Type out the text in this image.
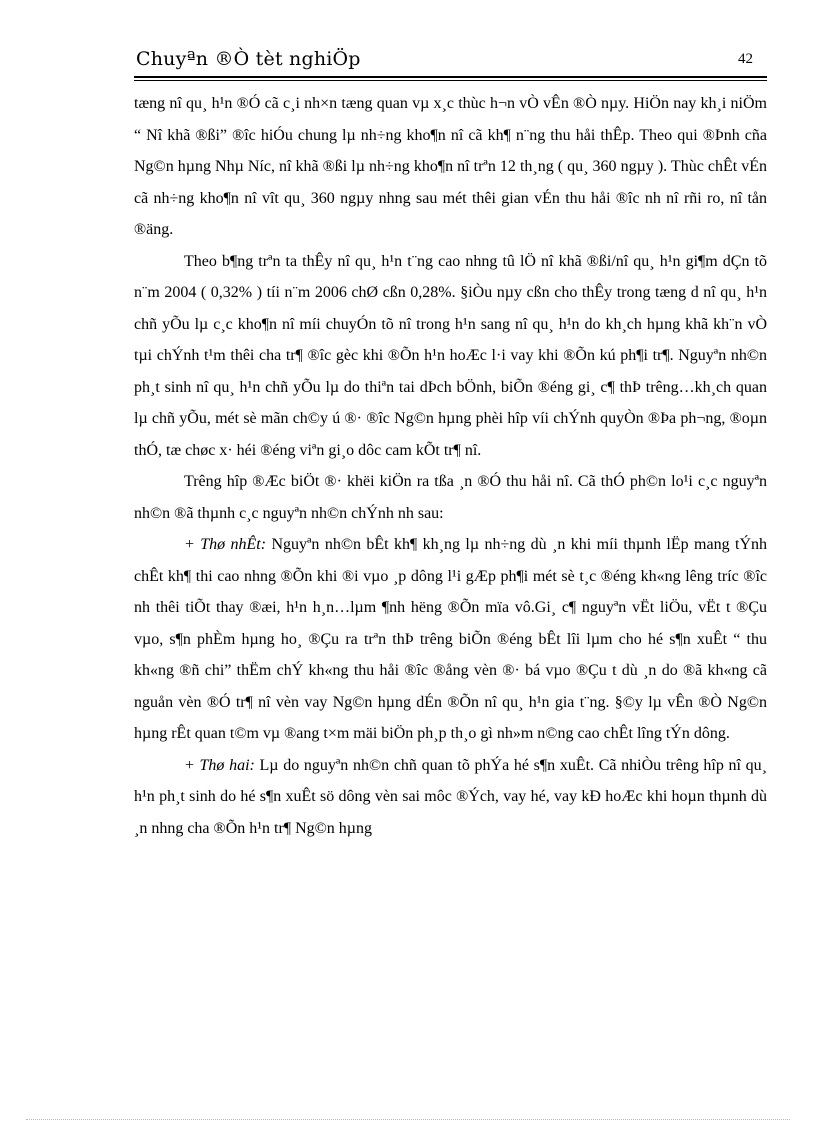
Chuyªn ®Ò tèt nghiÖp	42

tæng nî qu¸ h¹n ®Ó cã c¸i nh×n tæng quan vµ x¸c thùc h¬n vÒ vÊn ®Ò nµy. HiÖn nay kh¸i niÖm “ Nî khã ®ßi” ®îc hiÓu chung lµ nh÷ng kho¶n nî cã kh¶ n¨ng thu håi thÊp. Theo qui ®Þnh cña Ng©n hµng Nhµ Níc, nî khã ®ßi lµ nh÷ng kho¶n nî trªn 12 th¸ng ( qu¸ 360 ngµy ). Thùc chÊt vÉn cã nh÷ng kho¶n nî vît qu¸ 360 ngµy nhng sau mét thêi gian vÉn thu håi ®îc nh nî rñi ro, nî tån ®äng.

Theo b¶ng trªn ta thÊy nî qu¸ h¹n t¨ng cao nhng tû lÖ nî khã ®ßi/nî qu¸ h¹n gi¶m dÇn tõ n¨m 2004 ( 0,32% ) tíi n¨m 2006 chØ cßn 0,28%. §iÒu nµy cßn cho thÊy trong tæng d nî qu¸ h¹n chñ yÕu lµ c¸c kho¶n nî míi chuyÓn tõ nî trong h¹n sang nî qu¸ h¹n do kh¸ch hµng khã kh¨n vÒ tµi chÝnh t¹m thêi cha tr¶ ®îc gèc khi ®Õn h¹n hoÆc l·i vay khi ®Õn kú ph¶i tr¶. Nguyªn nh©n ph¸t sinh nî qu¸ h¹n chñ yÕu lµ do thiªn tai dÞch bÖnh, biÕn ®éng gi¸ c¶ thÞ trêng…kh¸ch quan lµ chñ yÕu, mét sè mãn ch©y ú ®· ®îc Ng©n hµng phèi hîp víi chÝnh quyÒn ®Þa ph¬ng, ®oµn thÓ, tæ chøc x· héi ®éng viªn gi¸o dôc cam kÕt tr¶ nî.

Trêng hîp ®Æc biÖt ®· khëi kiÖn ra tßa ¸n ®Ó thu håi nî. Cã thÓ ph©n lo¹i c¸c nguyªn nh©n ®ã thµnh c¸c nguyªn nh©n chÝnh nh sau:

+ Thø nhÊt: Nguyªn nh©n bÊt kh¶ kh¸ng lµ nh÷ng dù ¸n khi míi thµnh lËp mang tÝnh chÊt kh¶ thi cao nhng ®Õn khi ®i vµo ¸p dông l¹i gÆp ph¶i mét sè t¸c ®éng kh«ng lêng tríc ®îc nh thêi tiÕt thay ®æi, h¹n h¸n…lµm ¶nh hëng ®Õn mïa vô.Gi¸ c¶ nguyªn vËt liÖu, vËt t ®Çu vµo, s¶n phÈm hµng ho¸ ®Çu ra trªn thÞ trêng biÕn ®éng bÊt lîi lµm cho hé s¶n xuÊt “ thu kh«ng ®ñ chi” thËm chÝ kh«ng thu håi ®îc ®ång vèn ®· bá vµo ®Çu t dù ¸n do ®ã kh«ng cã nguån vèn ®Ó tr¶ nî vèn vay Ng©n hµng dÉn ®Õn nî qu¸ h¹n gia t¨ng. §©y lµ vÊn ®Ò Ng©n hµng rÊt quan t©m vµ ®ang t×m mäi biÖn ph¸p th¸o gì nh»m n©ng cao chÊt lîng tÝn dông.

+ Thø hai: Lµ do nguyªn nh©n chñ quan tõ phÝa hé s¶n xuÊt. Cã nhiÒu trêng hîp nî qu¸ h¹n ph¸t sinh do hé s¶n xuÊt sö dông vèn sai môc ®Ých, vay hé, vay kÐ hoÆc khi hoµn thµnh dù ¸n nhng cha ®Õn h¹n tr¶ Ng©n hµng
